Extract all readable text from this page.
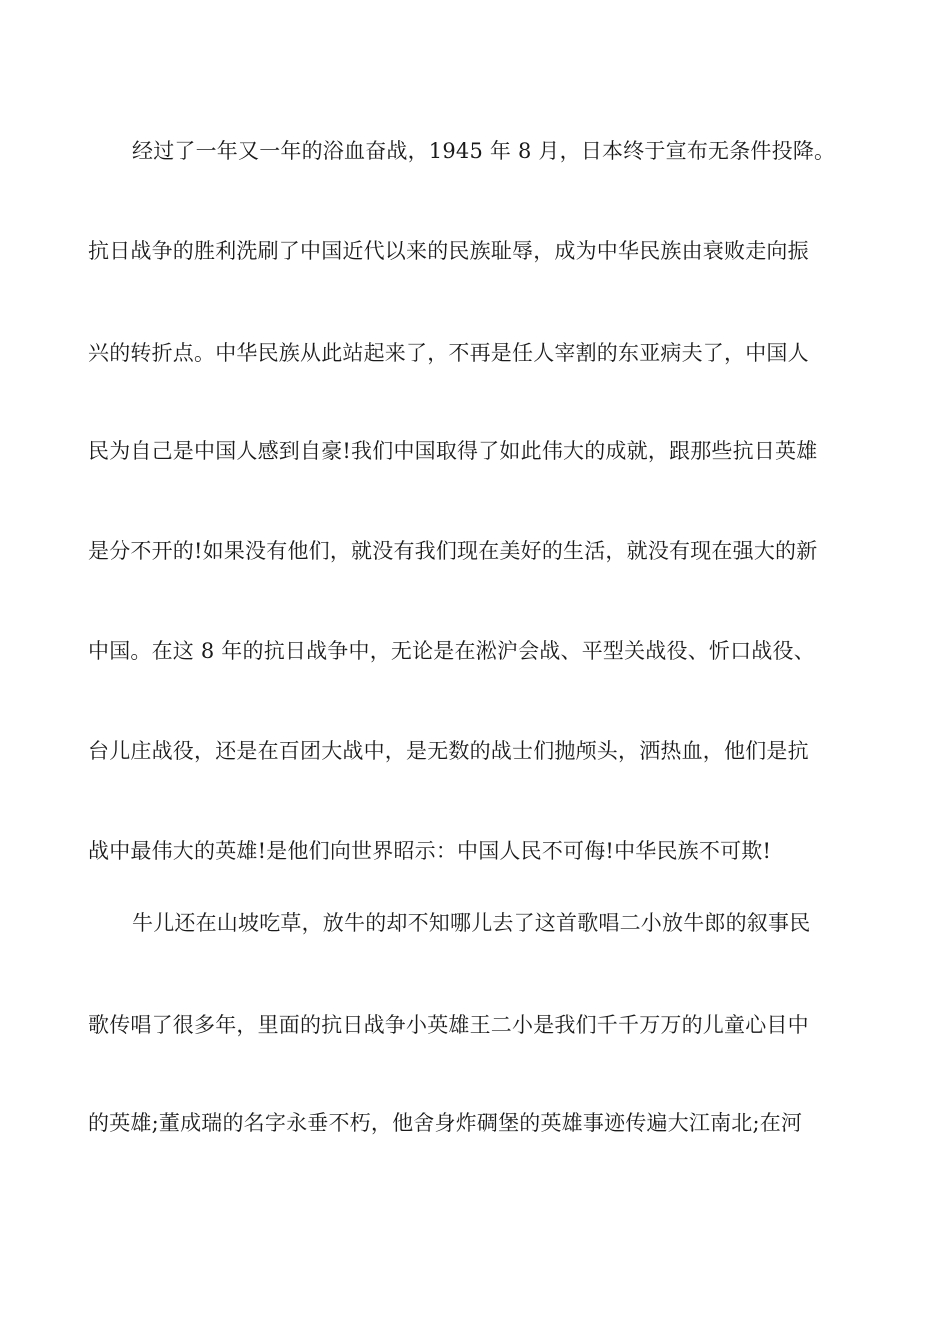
经过了一年又一年的浴血奋战，1945 年 8 月，日本终于宣布无条件投降。
抗日战争的胜利洗刷了中国近代以来的民族耻辱，成为中华民族由衰败走向振
兴的转折点。中华民族从此站起来了，不再是任人宰割的东亚病夫了，中国人
民为自己是中国人感到自豪!我们中国取得了如此伟大的成就，跟那些抗日英雄
是分不开的!如果没有他们，就没有我们现在美好的生活，就没有现在强大的新
中国。在这 8 年的抗日战争中，无论是在淞沪会战、平型关战役、忻口战役、
台儿庄战役，还是在百团大战中，是无数的战士们抛颅头，洒热血，他们是抗
战中最伟大的英雄!是他们向世界昭示：中国人民不可侮!中华民族不可欺!
牛儿还在山坡吃草，放牛的却不知哪儿去了这首歌唱二小放牛郎的叙事民
歌传唱了很多年，里面的抗日战争小英雄王二小是我们千千万万的儿童心目中
的英雄;董成瑞的名字永垂不朽，他舍身炸碉堡的英雄事迹传遍大江南北;在河
